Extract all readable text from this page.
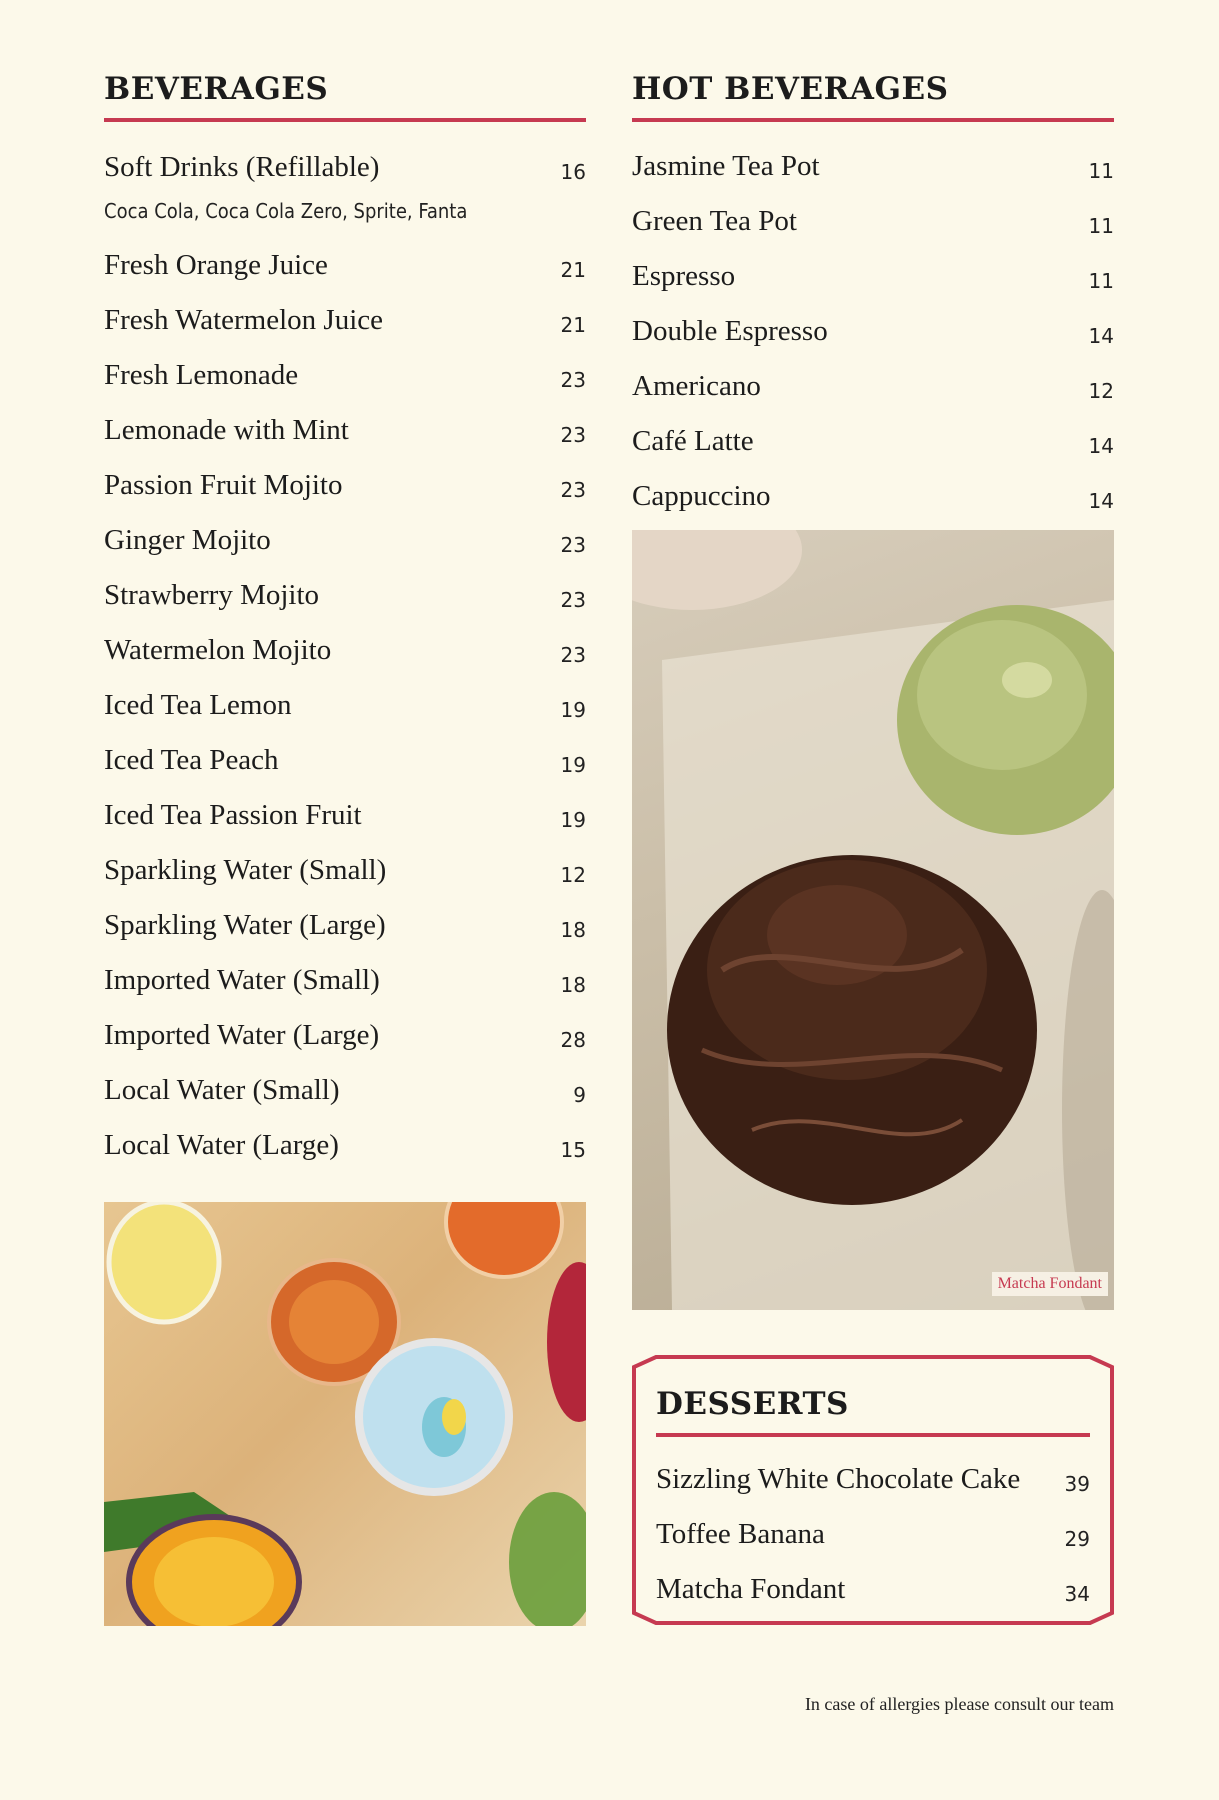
BEVERAGES
Soft Drinks (Refillable)	16
Coca Cola, Coca Cola Zero, Sprite, Fanta
Fresh Orange Juice	21
Fresh Watermelon Juice	21
Fresh Lemonade	23
Lemonade with Mint	23
Passion Fruit Mojito	23
Ginger Mojito	23
Strawberry Mojito	23
Watermelon Mojito	23
Iced Tea Lemon	19
Iced Tea Peach	19
Iced Tea Passion Fruit	19
Sparkling Water (Small)	12
Sparkling Water (Large)	18
Imported Water (Small)	18
Imported Water (Large)	28
Local Water (Small)	9
Local Water (Large)	15
HOT BEVERAGES
Jasmine Tea Pot	11
Green Tea Pot	11
Espresso	11
Double Espresso	14
Americano	12
Café Latte	14
Cappuccino	14
Matcha Fondant
DESSERTS
Sizzling White Chocolate Cake 39
Toffee Banana	29
Matcha Fondant	34
In case of allergies please consult our team
